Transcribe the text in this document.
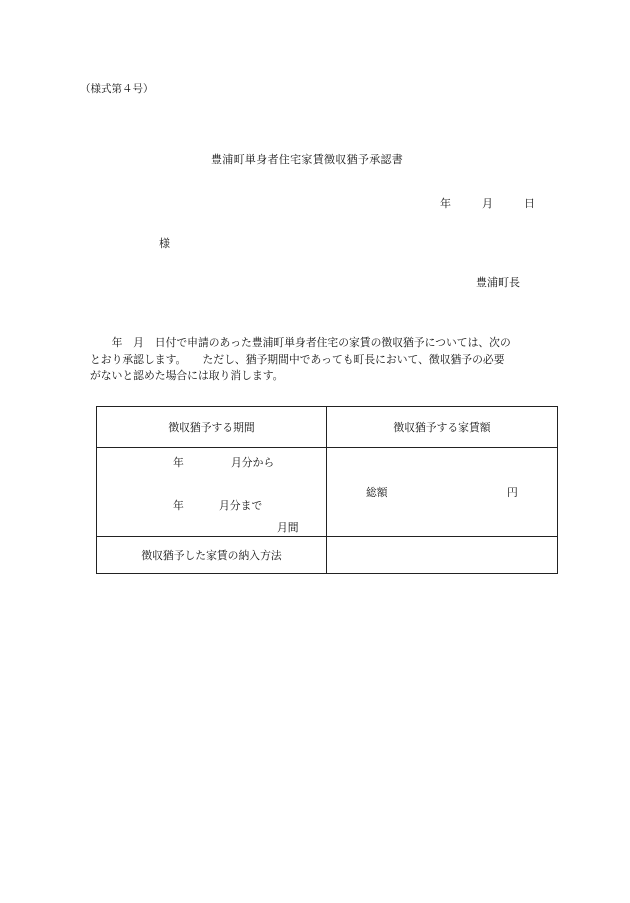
（様式第４号）
豊浦町単身者住宅家賃徴収猶予承認書
年	月	日
様
豊浦町長
　　年　月　日付で申請のあった豊浦町単身者住宅の家賃の徴収猶予については、次の
とおり承認します。　　ただし、猶予期間中であっても町長において、徴収猶予の必要
がないと認めた場合には取り消します。
徴収猶予する期間	徴収猶予する家賃額

年 月分から
年 月分まで
月間	総額 円

徴収猶予した家賃の納入方法	
